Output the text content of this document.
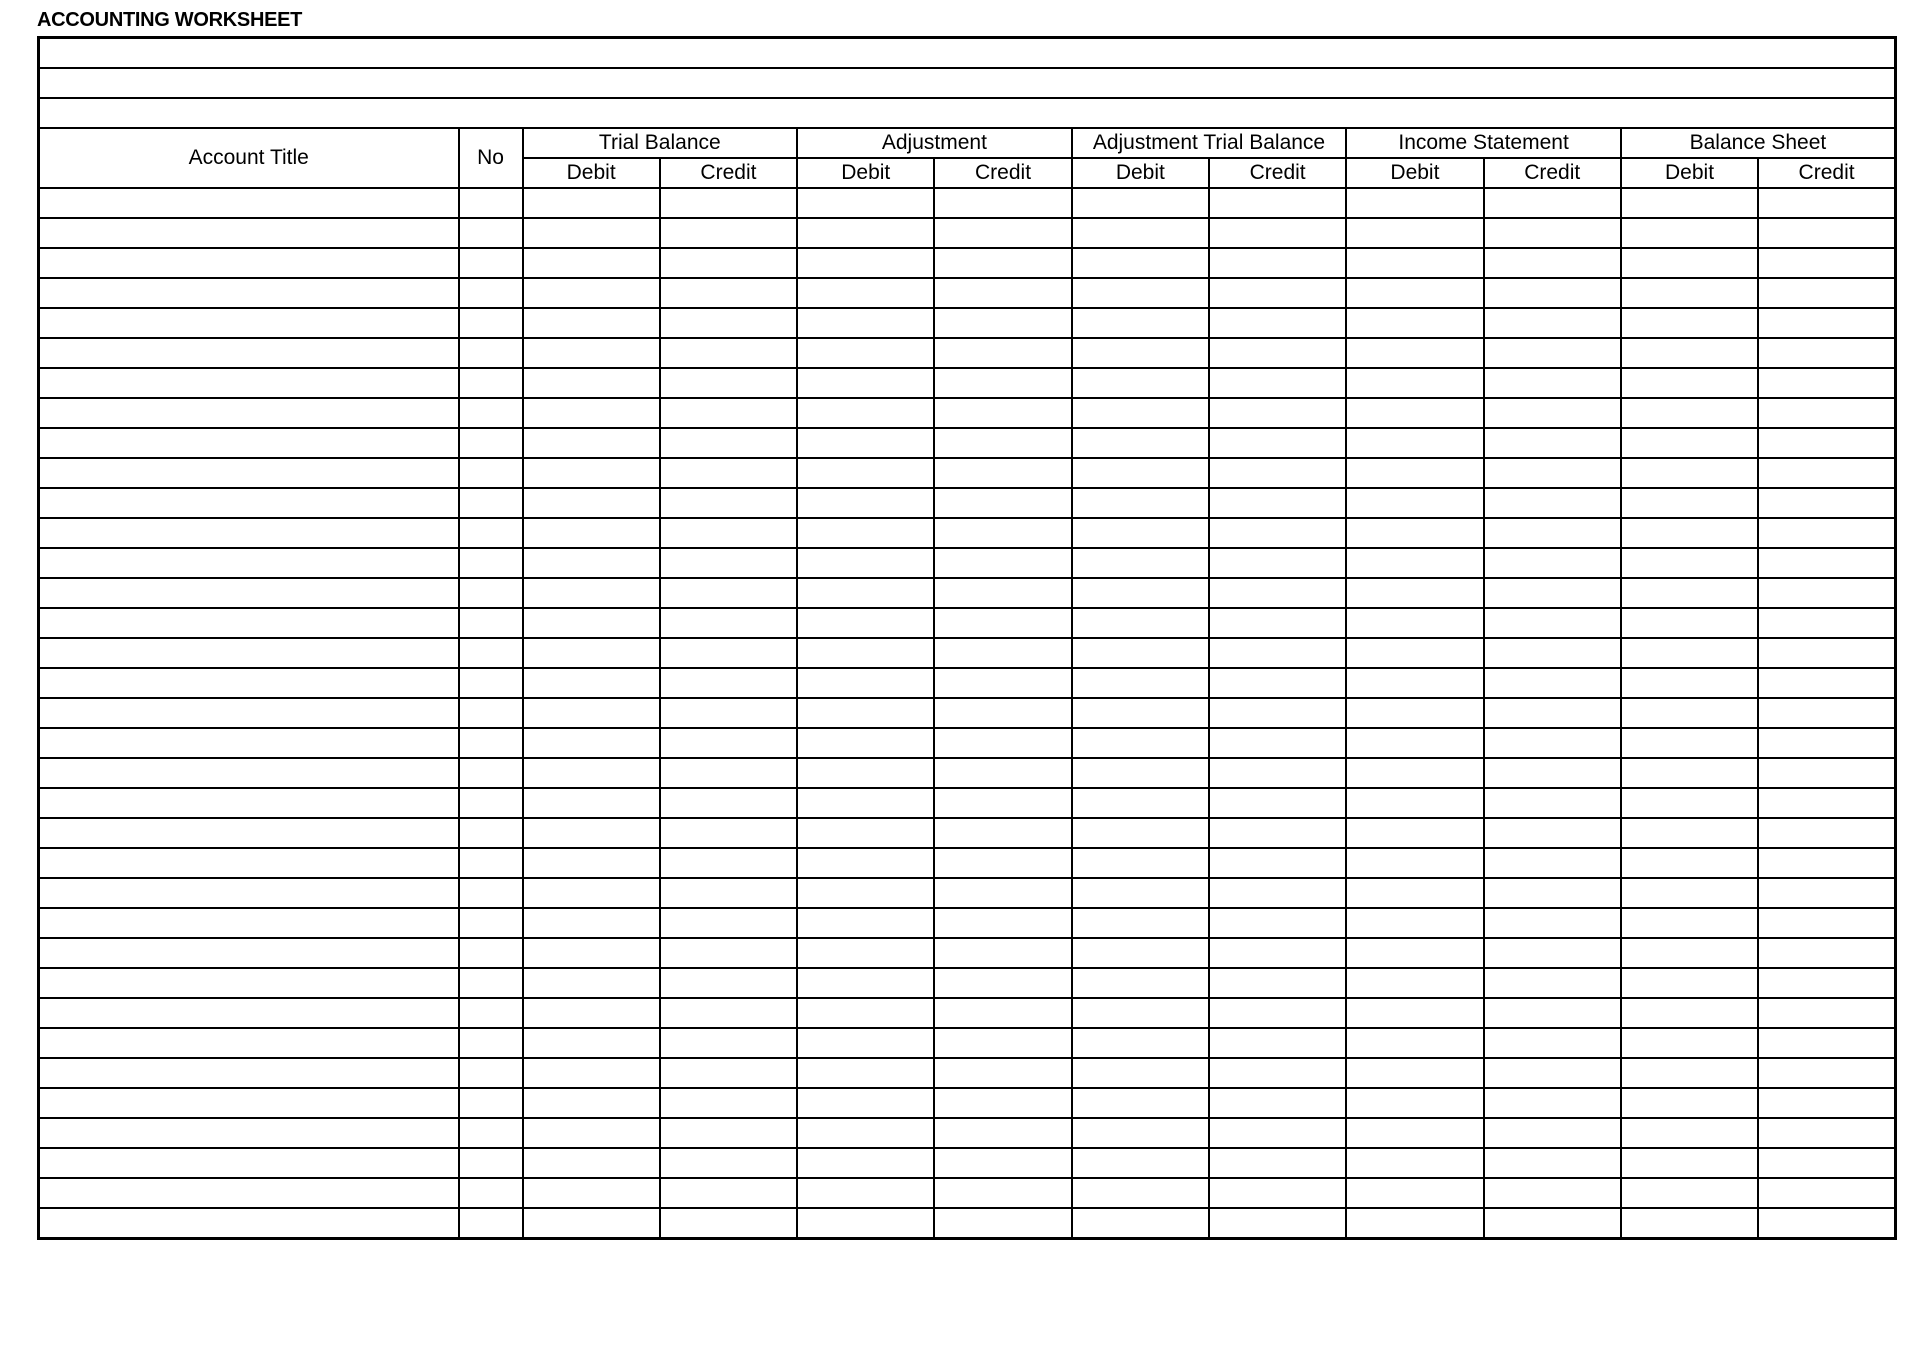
ACCOUNTING WORKSHEET

Account Title	No	Trial Balance		Adjustment		Adjustment Trial Balance		Income Statement		Balance Sheet	
		Debit	Credit	Debit	Credit	Debit	Credit	Debit	Credit	Debit	Credit
